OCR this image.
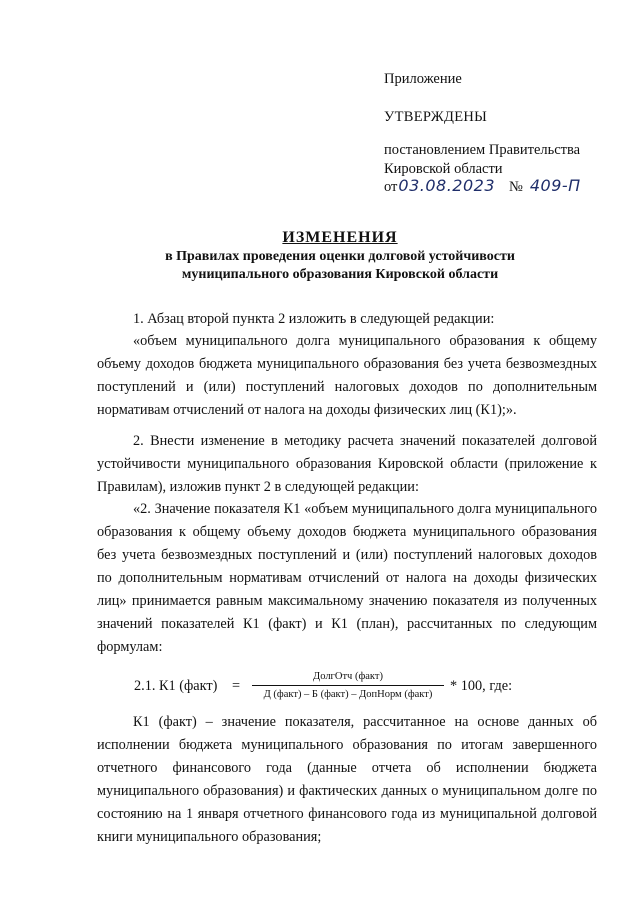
Приложение
УТВЕРЖДЕНЫ
постановлением Правительства
Кировской области
от03.08.2023 № 409-П
ИЗМЕНЕНИЯ
в Правилах проведения оценки долговой устойчивости
муниципального образования Кировской области

1. Абзац второй пункта 2 изложить в следующей редакции:

«объем муниципального долга муниципального образования к общему объему доходов бюджета муниципального образования без учета безвозмездных поступлений и (или) поступлений налоговых доходов по дополнительным нормативам отчислений от налога на доходы физических лиц (К1);».

2. Внести изменение в методику расчета значений показателей долговой устойчивости муниципального образования Кировской области (приложение к Правилам), изложив пункт 2 в следующей редакции:

«2. Значение показателя К1 «объем муниципального долга муниципального образования к общему объему доходов бюджета муниципального образования без учета безвозмездных поступлений и (или) поступлений налоговых доходов по дополнительным нормативам отчислений от налога на доходы физических лиц» принимается равным максимальному значению показателя из полученных значений показателей К1 (факт) и К1 (план), рассчитанных по следующим формулам:

К1 (факт) – значение показателя, рассчитанное на основе данных об исполнении бюджета муниципального образования по итогам завершенного отчетного финансового года (данные отчета об исполнении бюджета муниципального образования) и фактических данных о муниципальном долге по состоянию на 1 января отчетного финансового года из муниципальной долговой книги муниципального образования;

2.1. К1 (факт) =
ДолгОтч (факт)
Д (факт) – Б (факт) – ДопНорм (факт)
* 100, где:
